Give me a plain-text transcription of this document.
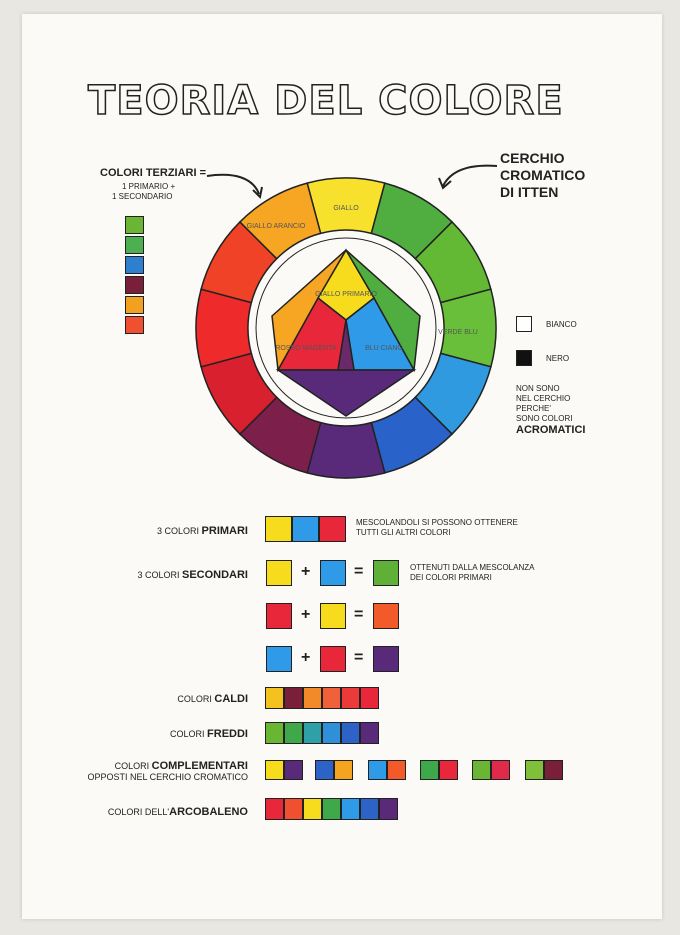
TEORIA DEL COLORE
COLORI TERZIARI =
1 PRIMARIO +
1 SECONDARIO
CERCHIO
CROMATICO
DI ITTEN
GIALLO
GIALLO ARANCIO
VERDE BLU
GIALLO PRIMARIO
ROSSO MAGENTA	BLU CIANO
BIANCO
NERO
NON SONO
NEL CERCHIO
PERCHE'
SONO COLORI
ACROMATICI
3 COLORI PRIMARI
MESCOLANDOLI SI POSSONO OTTENERE
TUTTI GLI ALTRI COLORI
3 COLORI SECONDARI
OTTENUTI DALLA MESCOLANZA
DEI COLORI PRIMARI
+	=
+	=
+	=
COLORI CALDI
COLORI FREDDI
COLORI COMPLEMENTARI
OPPOSTI NEL CERCHIO CROMATICO
COLORI DELL'ARCOBALENO
